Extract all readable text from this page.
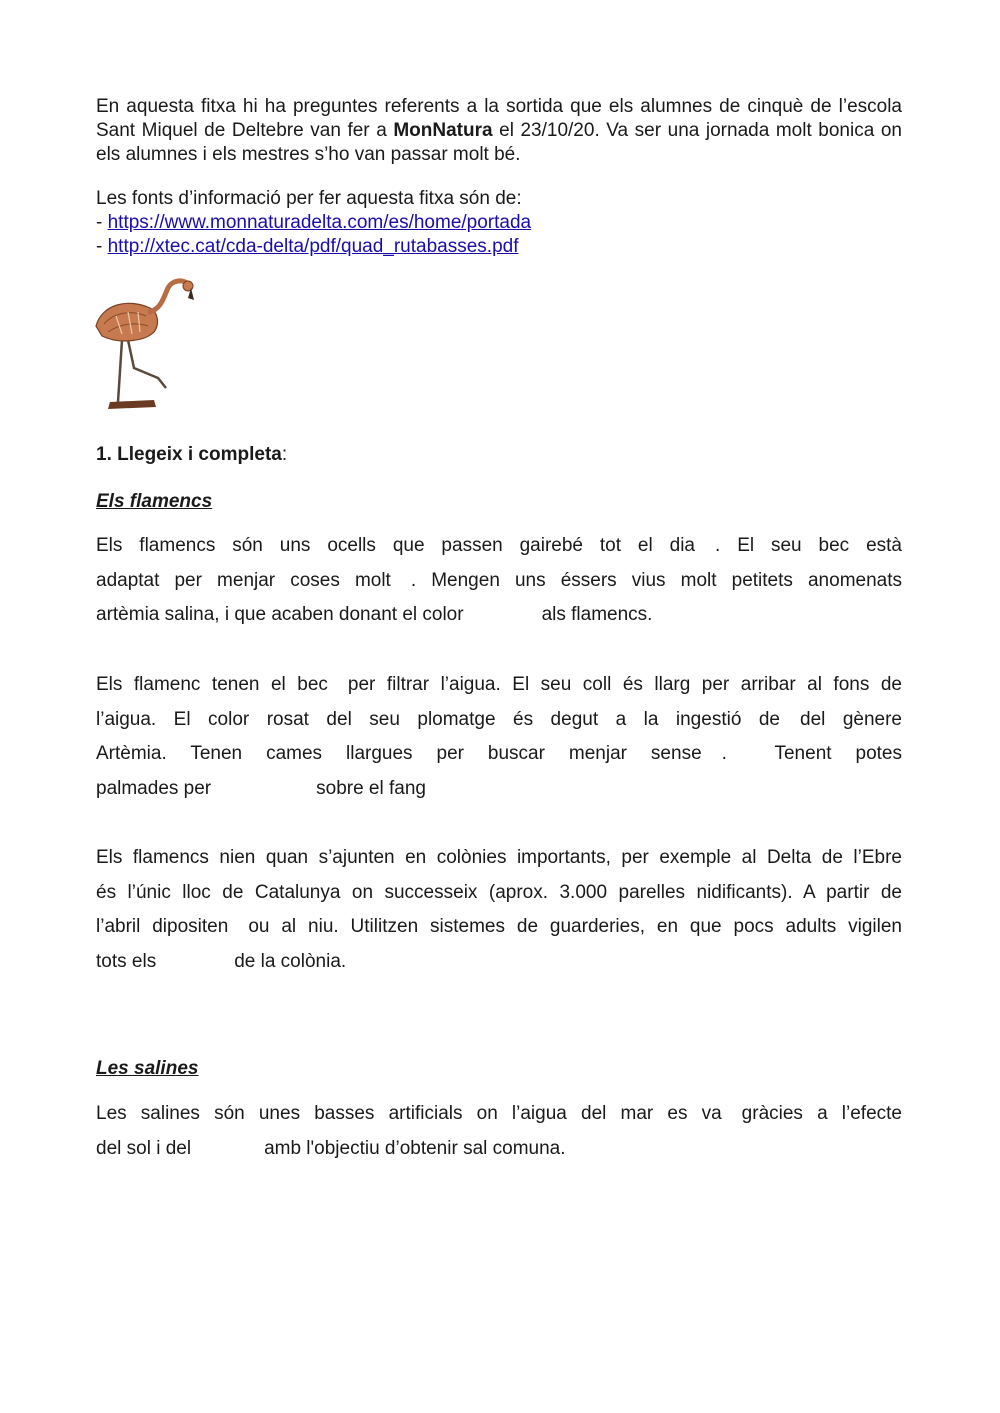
En aquesta fitxa hi ha preguntes referents a la sortida que els alumnes de cinquè de l’escola Sant Miquel de Deltebre van fer a MonNatura el 23/10/20. Va ser una jornada molt bonica on els alumnes i els mestres s’ho van passar molt bé.
Les fonts d’informació per fer aquesta fitxa són de:
- https://www.monnaturadelta.com/es/home/portada
- http://xtec.cat/cda-delta/pdf/quad_rutabasses.pdf
1. Llegeix i completa:
Els flamencs
Els flamencs són uns ocells que passen gairebé tot el dia . El seu bec està
adaptat per menjar coses molt . Mengen uns éssers vius molt petitets anomenats
artèmia salina, i que acaben donant el color	als flamencs.
Els flamenc tenen el bec per filtrar l’aigua. El seu coll és llarg per arribar al fons de
l’aigua. El color rosat del seu plomatge és degut a la ingestió de del gènere
Artèmia. Tenen cames llargues per buscar menjar sense .  Tenent potes
palmades per	sobre el fang
Els flamencs nien quan s’ajunten en colònies importants, per exemple al Delta de l’Ebre
és l’únic lloc de Catalunya on successeix (aprox. 3.000 parelles nidificants). A partir de
l’abril dipositen ou al niu. Utilitzen sistemes de guarderies, en que pocs adults vigilen
tots els	de la colònia.
Les salines
Les salines són unes basses artificials on l’aigua del mar es va gràcies a l’efecte
del sol i del	amb l'objectiu d’obtenir sal comuna.
